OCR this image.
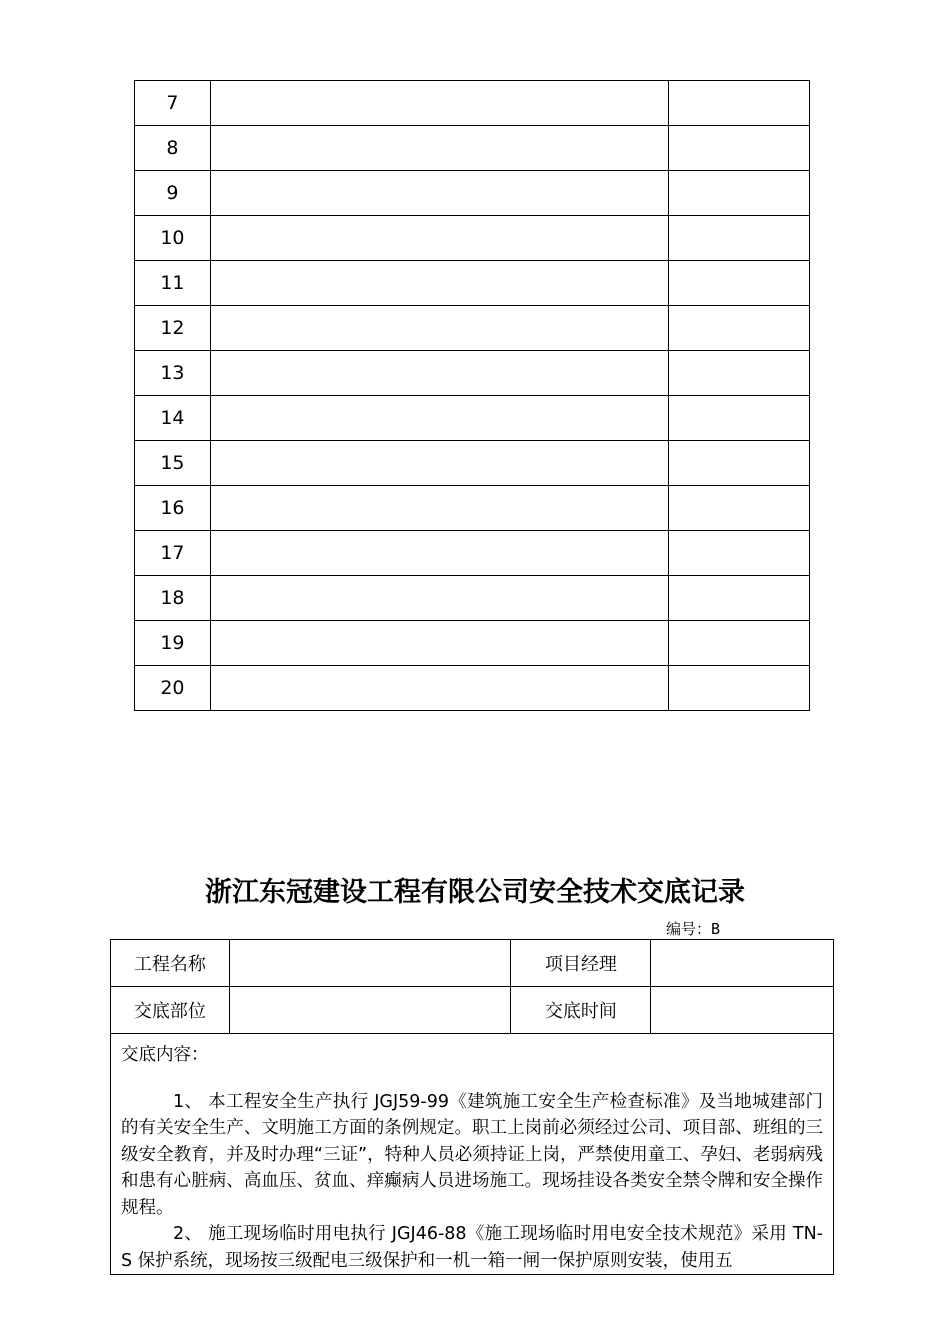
7		
8		
9		
10		
11		
12		
13		
14		
15		
16		
17		
18		
19		
20		
浙江东冠建设工程有限公司安全技术交底记录
编号：B
工程名称		项目经理	
交底部位		交底时间	
交底内容：
1、 本工程安全生产执行 JGJ59-99《建筑施工安全生产检查标准》及当地城建部门的有关安全生产、文明施工方面的条例规定。职工上岗前必须经过公司、项目部、班组的三级安全教育，并及时办理“三证”，特种人员必须持证上岗，严禁使用童工、孕妇、老弱病残和患有心脏病、高血压、贫血、痒癫病人员进场施工。现场挂设各类安全禁令牌和安全操作规程。
2、 施工现场临时用电执行 JGJ46-88《施工现场临时用电安全技术规范》采用 TN-S 保护系统，现场按三级配电三级保护和一机一箱一闸一保护原则安装，使用五
